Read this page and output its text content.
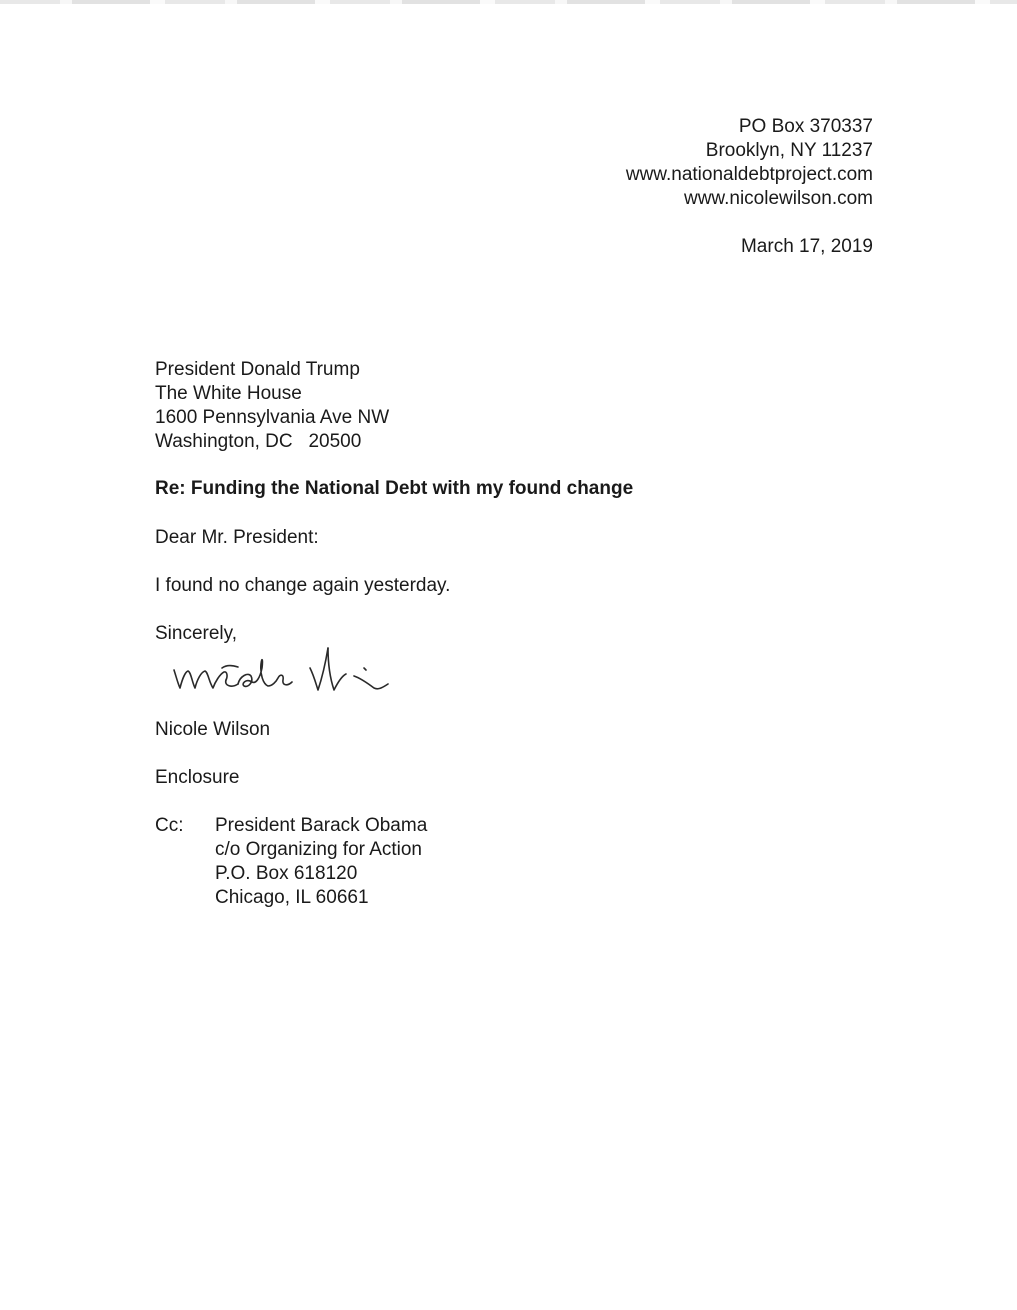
PO Box 370337
Brooklyn, NY 11237
www.nationaldebtproject.com
www.nicolewilson.com
March 17, 2019
President Donald Trump
The White House
1600 Pennsylvania Ave NW
Washington, DC   20500
Re: Funding the National Debt with my found change
Dear Mr. President:
I found no change again yesterday.
Sincerely,
Nicole Wilson
Enclosure
Cc:	President Barack Obama
c/o Organizing for Action
P.O. Box 618120
Chicago, IL 60661
